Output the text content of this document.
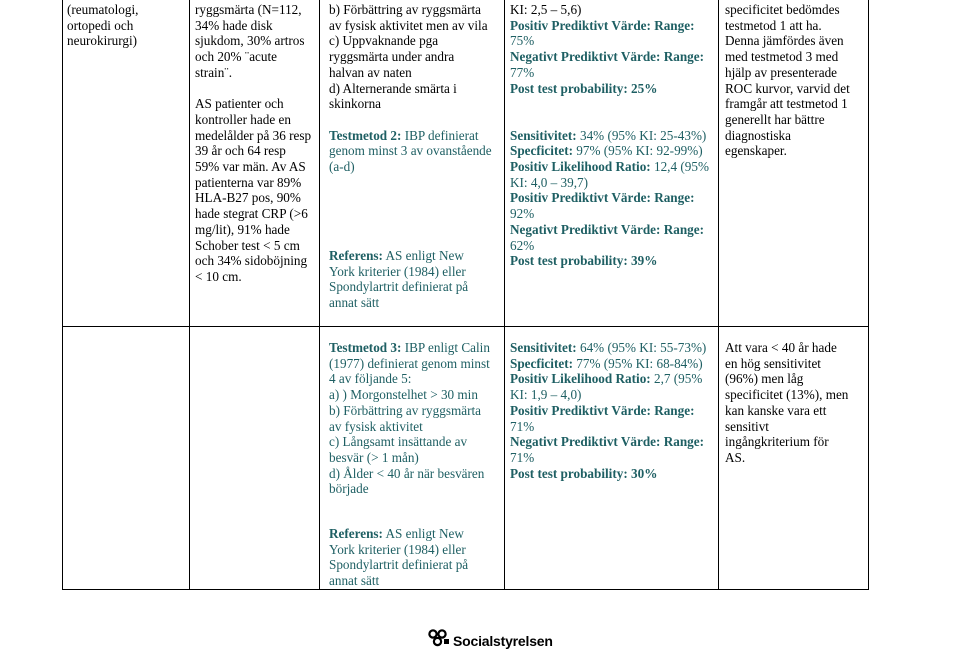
(reumatologi,
ortopedi och
neurokirurgi)
ryggsmärta (N=112,
34% hade disk
sjukdom, 30% artros
och 20% ¨acute
strain¨.

AS patienter och
kontroller hade en
medelålder på 36 resp
39 år och 64 resp
59% var män. Av AS
patienterna var 89%
HLA-B27 pos, 90%
hade stegrat CRP (>6
mg/lit), 91% hade
Schober test < 5 cm
och 34% sidoböjning
< 10 cm.
b) Förbättring av ryggsmärta
av fysisk aktivitet men av vila
c) Uppvaknande pga
ryggsmärta under andra
halvan av naten
d) Alternerande smärta i
skinkorna

Testmetod 2: IBP definierat
genom minst 3 av ovanstående
(a-d)
Referens: AS enligt New
York kriterier (1984) eller
Spondylartrit definierat på
annat sätt
KI: 2,5 – 5,6)
Positiv Prediktivt Värde: Range:
75%
Negativt Prediktivt Värde: Range:
77%
Post test probability: 25%

Sensitivitet: 34% (95% KI: 25-43%)
Specficitet: 97% (95% KI: 92-99%)
Positiv Likelihood Ratio: 12,4 (95%
KI: 4,0 – 39,7)
Positiv Prediktivt Värde: Range:
92%
Negativt Prediktivt Värde: Range:
62%
Post test probability: 39%
specificitet bedömdes
testmetod 1 att ha.
Denna jämfördes även
med testmetod 3 med
hjälp av presenterade
ROC kurvor, varvid det
framgår att testmetod 1
generellt har bättre
diagnostiska
egenskaper.
Testmetod 3: IBP enligt Calin
(1977) definierat genom minst
4 av följande 5:
a) ) Morgonstelhet > 30 min
b) Förbättring av ryggsmärta
av fysisk aktivitet
c) Långsamt insättande av
besvär (> 1 mån)
d) Ålder < 40 år när besvären
började
Sensitivitet: 64% (95% KI: 55-73%)
Specficitet: 77% (95% KI: 68-84%)
Positiv Likelihood Ratio: 2,7 (95%
KI: 1,9 – 4,0)
Positiv Prediktivt Värde: Range:
71%
Negativt Prediktivt Värde: Range:
71%
Post test probability: 30%
Att vara < 40 år hade
en hög sensitivitet
(96%) men låg
specificitet (13%), men
kan kanske vara ett
sensitivt
ingångkriterium för
AS.
Referens: AS enligt New
York kriterier (1984) eller
Spondylartrit definierat på
annat sätt
Socialstyrelsen
